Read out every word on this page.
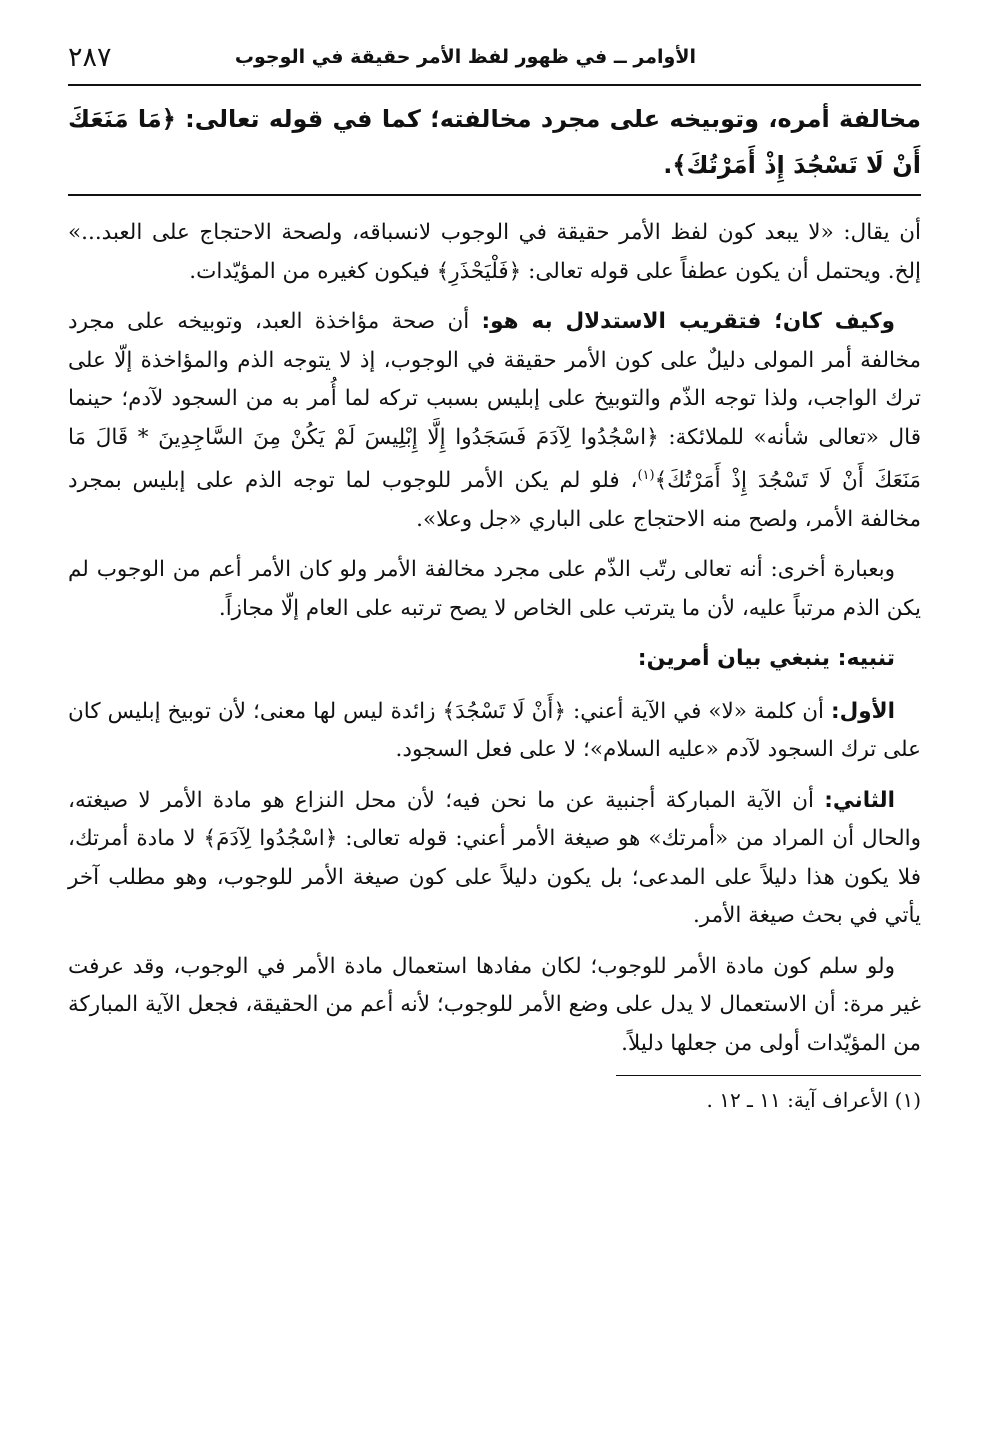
الأوامر ــ في ظهور لفظ الأمر حقيقة في الوجوب
٢٨٧
مخالفة أمره، وتوبيخه على مجرد مخالفته؛ كما في قوله تعالى: ﴿مَا مَنَعَكَ أَنْ لَا تَسْجُدَ إِذْ أَمَرْتُكَ﴾.

أن يقال: «لا يبعد كون لفظ الأمر حقيقة في الوجوب لانسباقه، ولصحة الاحتجاج على العبد...» إلخ. ويحتمل أن يكون عطفاً على قوله تعالى: ﴿فَلْيَحْذَرِ﴾ فيكون كغيره من المؤيّدات.

وكيف كان؛ فتقريب الاستدلال به هو: أن صحة مؤاخذة العبد، وتوبيخه على مجرد مخالفة أمر المولى دليلٌ على كون الأمر حقيقة في الوجوب، إذ لا يتوجه الذم والمؤاخذة إلّا على ترك الواجب، ولذا توجه الذّم والتوبيخ على إبليس بسبب تركه لما أُمر به من السجود لآدم؛ حينما قال «تعالى شأنه» للملائكة: ﴿اسْجُدُوا لِآدَمَ فَسَجَدُوا إِلَّا إِبْلِيسَ لَمْ يَكُنْ مِنَ السَّاجِدِينَ * قَالَ مَا مَنَعَكَ أَنْ لَا تَسْجُدَ إِذْ أَمَرْتُكَ﴾$^{(١)}$، فلو لم يكن الأمر للوجوب لما توجه الذم على إبليس بمجرد مخالفة الأمر، ولصح منه الاحتجاج على الباري «جل وعلا».

وبعبارة أخرى: أنه تعالى رتّب الذّم على مجرد مخالفة الأمر ولو كان الأمر أعم من الوجوب لم يكن الذم مرتباً عليه، لأن ما يترتب على الخاص لا يصح ترتبه على العام إلّا مجازاً.

تنبيه: ينبغي بيان أمرين:

الأول: أن كلمة «لا» في الآية أعني: ﴿أَنْ لَا تَسْجُدَ﴾ زائدة ليس لها معنى؛ لأن توبيخ إبليس كان على ترك السجود لآدم «عليه السلام»؛ لا على فعل السجود.

الثاني: أن الآية المباركة أجنبية عن ما نحن فيه؛ لأن محل النزاع هو مادة الأمر لا صيغته، والحال أن المراد من «أمرتك» هو صيغة الأمر أعني: قوله تعالى: ﴿اسْجُدُوا لِآدَمَ﴾ لا مادة أمرتك، فلا يكون هذا دليلاً على المدعى؛ بل يكون دليلاً على كون صيغة الأمر للوجوب، وهو مطلب آخر يأتي في بحث صيغة الأمر.

ولو سلم كون مادة الأمر للوجوب؛ لكان مفادها استعمال مادة الأمر في الوجوب، وقد عرفت غير مرة: أن الاستعمال لا يدل على وضع الأمر للوجوب؛ لأنه أعم من الحقيقة، فجعل الآية المباركة من المؤيّدات أولى من جعلها دليلاً.

(١) الأعراف آية: ١١ ـ ١٢ .
